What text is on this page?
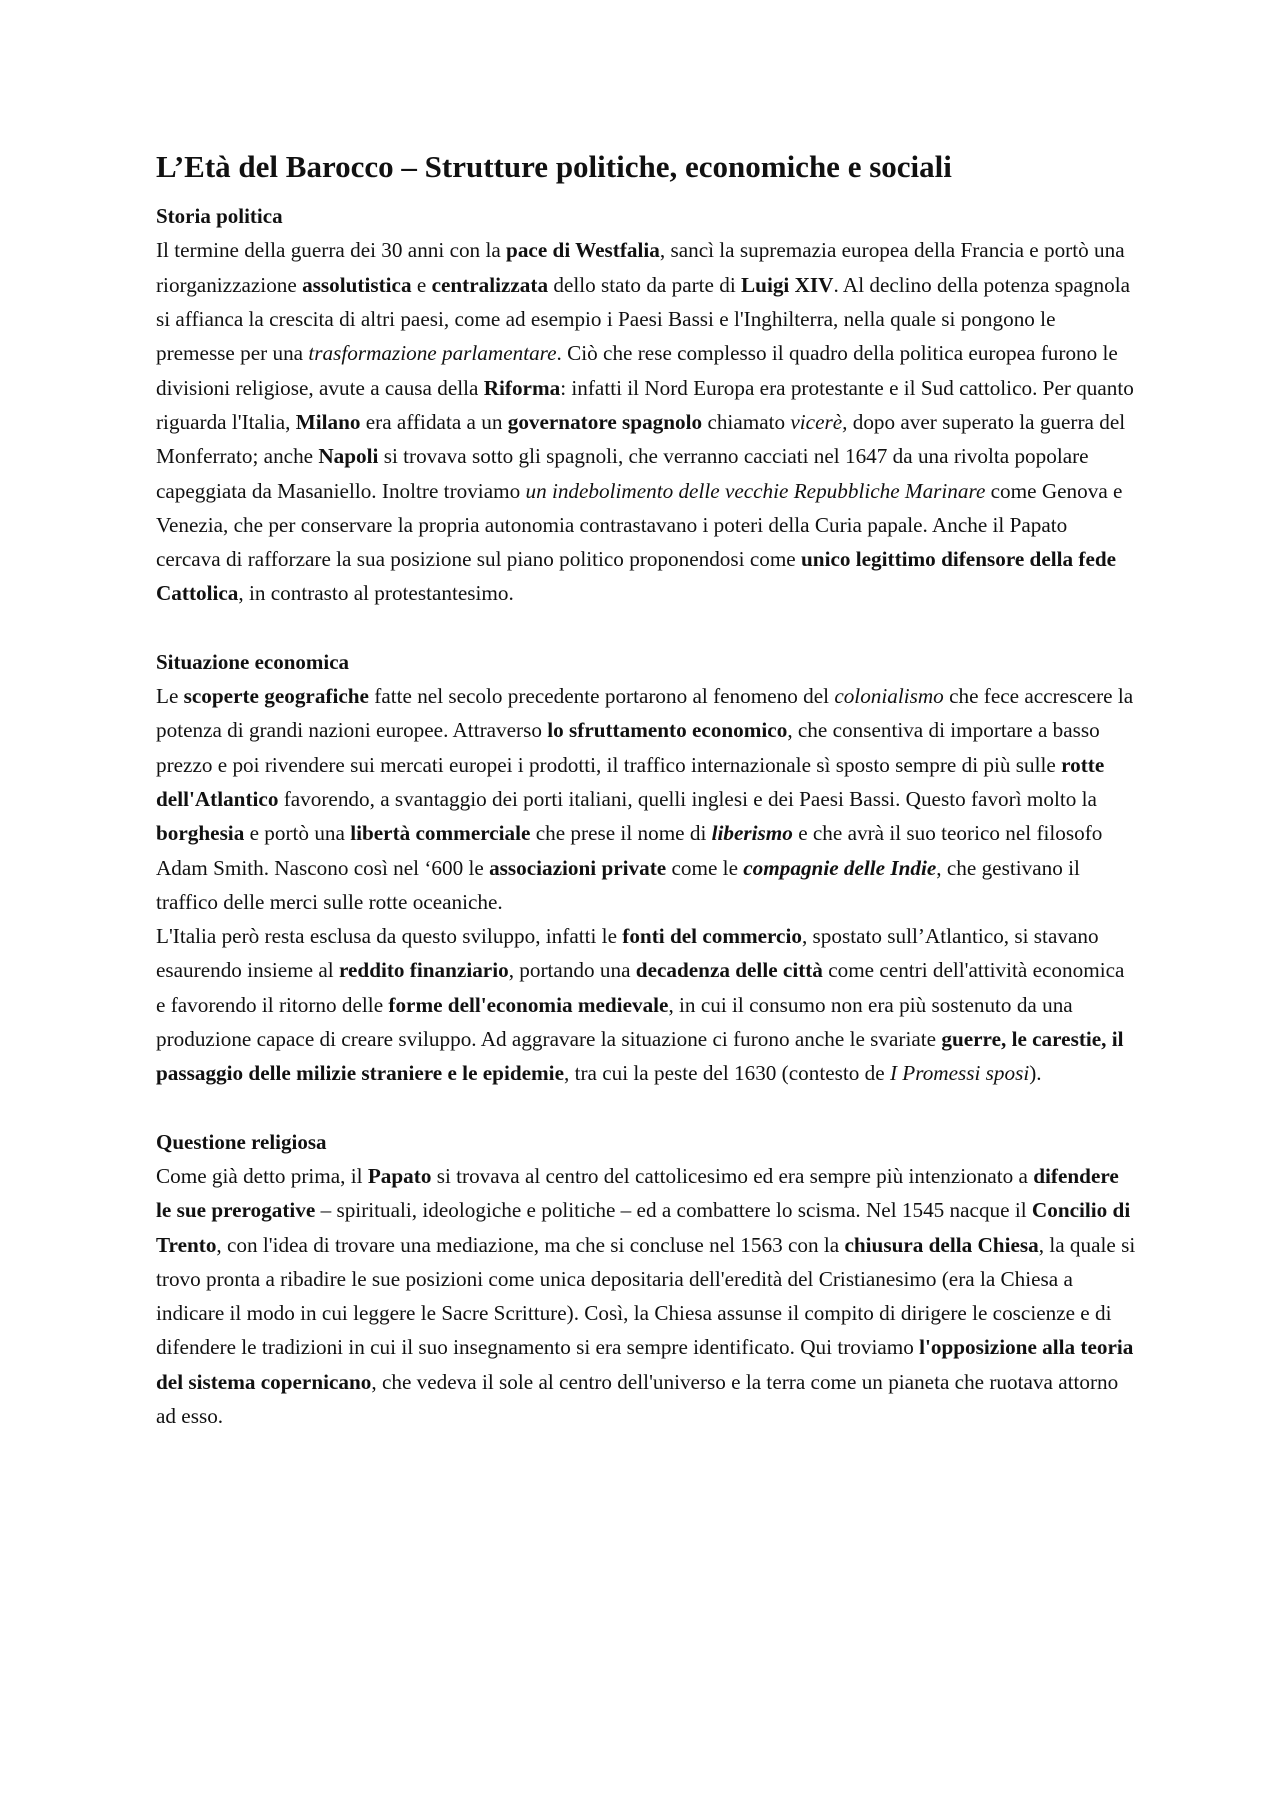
L’Età del Barocco – Strutture politiche, economiche e sociali

Storia politica

Il termine della guerra dei 30 anni con la pace di Westfalia, sancì la supremazia europea della Francia e portò una riorganizzazione assolutistica e centralizzata dello stato da parte di Luigi XIV. Al declino della potenza spagnola si affianca la crescita di altri paesi, come ad esempio i Paesi Bassi e l'Inghilterra, nella quale si pongono le premesse per una trasformazione parlamentare. Ciò che rese complesso il quadro della politica europea furono le divisioni religiose, avute a causa della Riforma: infatti il Nord Europa era protestante e il Sud cattolico. Per quanto riguarda l'Italia, Milano era affidata a un governatore spagnolo chiamato vicerè, dopo aver superato la guerra del Monferrato; anche Napoli si trovava sotto gli spagnoli, che verranno cacciati nel 1647 da una rivolta popolare capeggiata da Masaniello. Inoltre troviamo un indebolimento delle vecchie Repubbliche Marinare come Genova e Venezia, che per conservare la propria autonomia contrastavano i poteri della Curia papale. Anche il Papato cercava di rafforzare la sua posizione sul piano politico proponendosi come unico legittimo difensore della fede Cattolica, in contrasto al protestantesimo.

Situazione economica

Le scoperte geografiche fatte nel secolo precedente portarono al fenomeno del colonialismo che fece accrescere la potenza di grandi nazioni europee. Attraverso lo sfruttamento economico, che consentiva di importare a basso prezzo e poi rivendere sui mercati europei i prodotti, il traffico internazionale sì sposto sempre di più sulle rotte dell'Atlantico favorendo, a svantaggio dei porti italiani, quelli inglesi e dei Paesi Bassi. Questo favorì molto la borghesia e portò una libertà commerciale che prese il nome di liberismo e che avrà il suo teorico nel filosofo Adam Smith. Nascono così nel ‘600 le associazioni private come le compagnie delle Indie, che gestivano il traffico delle merci sulle rotte oceaniche.
L'Italia però resta esclusa da questo sviluppo, infatti le fonti del commercio, spostato sull’Atlantico, si stavano esaurendo insieme al reddito finanziario, portando una decadenza delle città come centri dell'attività economica e favorendo il ritorno delle forme dell'economia medievale, in cui il consumo non era più sostenuto da una produzione capace di creare sviluppo. Ad aggravare la situazione ci furono anche le svariate guerre, le carestie, il passaggio delle milizie straniere e le epidemie, tra cui la peste del 1630 (contesto de I Promessi sposi).

Questione religiosa

Come già detto prima, il Papato si trovava al centro del cattolicesimo ed era sempre più intenzionato a difendere le sue prerogative – spirituali, ideologiche e politiche – ed a combattere lo scisma. Nel 1545 nacque il Concilio di Trento, con l'idea di trovare una mediazione, ma che si concluse nel 1563 con la chiusura della Chiesa, la quale si trovo pronta a ribadire le sue posizioni come unica depositaria dell'eredità del Cristianesimo (era la Chiesa a indicare il modo in cui leggere le Sacre Scritture). Così, la Chiesa assunse il compito di dirigere le coscienze e di difendere le tradizioni in cui il suo insegnamento si era sempre identificato. Qui troviamo l'opposizione alla teoria del sistema copernicano, che vedeva il sole al centro dell'universo e la terra come un pianeta che ruotava attorno ad esso.
